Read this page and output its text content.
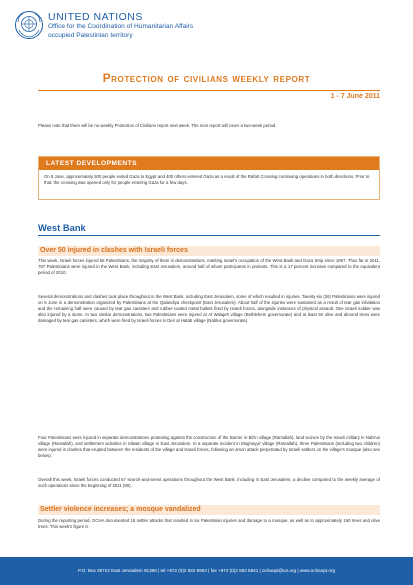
UNITED NATIONS
Office for the Coordination of Humanitarian Affairs
occupied Palestinian territory
Protection of civilians weekly report
1 - 7 June 2011
Please note that there will be no weekly Protection of Civilians report next week. The next report will cover a two-week period.
LATEST DEVELOPMENTS
On 8 June, approximately 500 people exited Gaza to Egypt and 400 others entered Gaza as a result of the Rafah Crossing continuing operations in both directions. Prior to that, the crossing was opened only for people entering Gaza for a few days.
West Bank
Over 50 injured in clashes with Israeli forces
This week, Israeli forces injured 55 Palestinians, the majority of them in demonstrations, marking Israel's occupation of the West Bank and Gaza Strip since 1967. Thus far in 2011, 787 Palestinians were injured in the West Bank, including East Jerusalem, around half of whom participants in protests. This is a 17 percent increase compared to the equivalent period of 2010.
Several demonstrations and clashes took place throughout in the West Bank, including East Jerusalem, some of which resulted in injuries. Twenty-six (26) Palestinians were injured on 5 June in a demonstration organized by Palestinians at the Qalandiya checkpoint (East Jerusalem). About half of the injuries were sustained as a result of tear gas inhalation and the remaining half were caused by tear gas canisters and rubber-coated metal bullets fired by Israeli forces, alongside instances of physical assault. One Israeli soldier was also injured by a stone. In two similar demonstrations, two Palestinians were injured at Al Walajeh village (Bethlehem governorate) and at least 50 olive and almond trees were damaged by tear gas canisters, which were fired by Israeli forces in Deir al Hatab village (Nablus governorate).
Four Palestinians were injured in separate demonstrations protesting against the construction of the Barrier in Bil'in village (Ramallah), land seizure by the Israeli military in Nabi'us village (Ramallah), and settlement activities in Silwan village in East Jerusalem. In a separate incident in Mughayyir village (Ramallah), three Palestinians (including two children) were injured in clashes that erupted between the residents of the village and Israeli forces, following an arson attack perpetrated by Israeli settlers on the village's mosque (also see below).
Overall this week, Israeli forces conducted 67 search-and-arrest operations throughout the West Bank, including in East Jerusalem, a decline compared to the weekly average of such operations since the beginning of 2011 (90).
Settler violence increases; a mosque vandalized
During the reporting period, OCHA documented 15 settler attacks that resulted in six Palestinian injuries and damage to a mosque, as well as to approximately 160 trees and olive trees. This week's figure is
P.O. Box 38712 East Jerusalem 91386 | tel +972 (0)2 582 9962 | fax +972 (0)2 582 5841 | ochaopt@un.org | www.ochaopt.org
